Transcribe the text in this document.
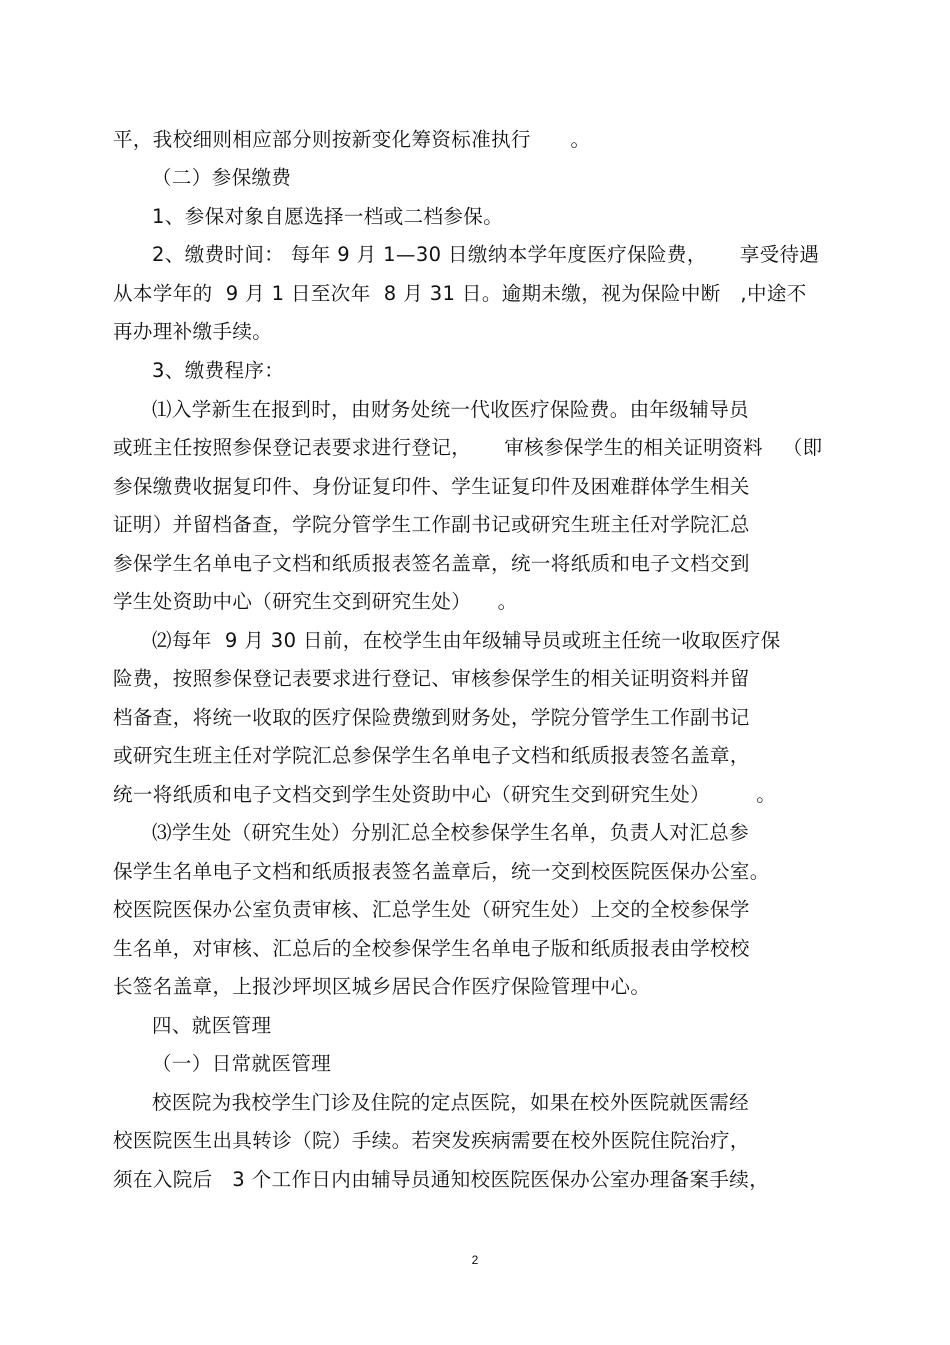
平，我校细则相应部分则按新变化筹资标准执行      。
（二）参保缴费
1、参保对象自愿选择一档或二档参保。
2、缴费时间： 每年 9 月 1—30 日缴纳本学年度医疗保险费，     享受待遇
从本学年的  9 月 1 日至次年  8 月 31 日。逾期未缴，视为保险中断   ,中途不
再办理补缴手续。
3、缴费程序：
⑴入学新生在报到时，由财务处统一代收医疗保险费。由年级辅导员
或班主任按照参保登记表要求进行登记，     审核参保学生的相关证明资料   （即
参保缴费收据复印件、身份证复印件、学生证复印件及困难群体学生相关
证明）并留档备查，学院分管学生工作副书记或研究生班主任对学院汇总
参保学生名单电子文档和纸质报表签名盖章，统一将纸质和电子文档交到
学生处资助中心（研究生交到研究生处）    。
⑵每年  9 月 30 日前，在校学生由年级辅导员或班主任统一收取医疗保
险费，按照参保登记表要求进行登记、审核参保学生的相关证明资料并留
档备查，将统一收取的医疗保险费缴到财务处，学院分管学生工作副书记
或研究生班主任对学院汇总参保学生名单电子文档和纸质报表签名盖章，
统一将纸质和电子文档交到学生处资助中心（研究生交到研究生处）       。
⑶学生处（研究生处）分别汇总全校参保学生名单，负责人对汇总参
保学生名单电子文档和纸质报表签名盖章后，统一交到校医院医保办公室。
校医院医保办公室负责审核、汇总学生处（研究生处）上交的全校参保学
生名单，对审核、汇总后的全校参保学生名单电子版和纸质报表由学校校
长签名盖章，上报沙坪坝区城乡居民合作医疗保险管理中心。
四、就医管理
（一）日常就医管理
校医院为我校学生门诊及住院的定点医院，如果在校外医院就医需经
校医院医生出具转诊（院）手续。若突发疾病需要在校外医院住院治疗，
须在入院后   3 个工作日内由辅导员通知校医院医保办公室办理备案手续，
2
